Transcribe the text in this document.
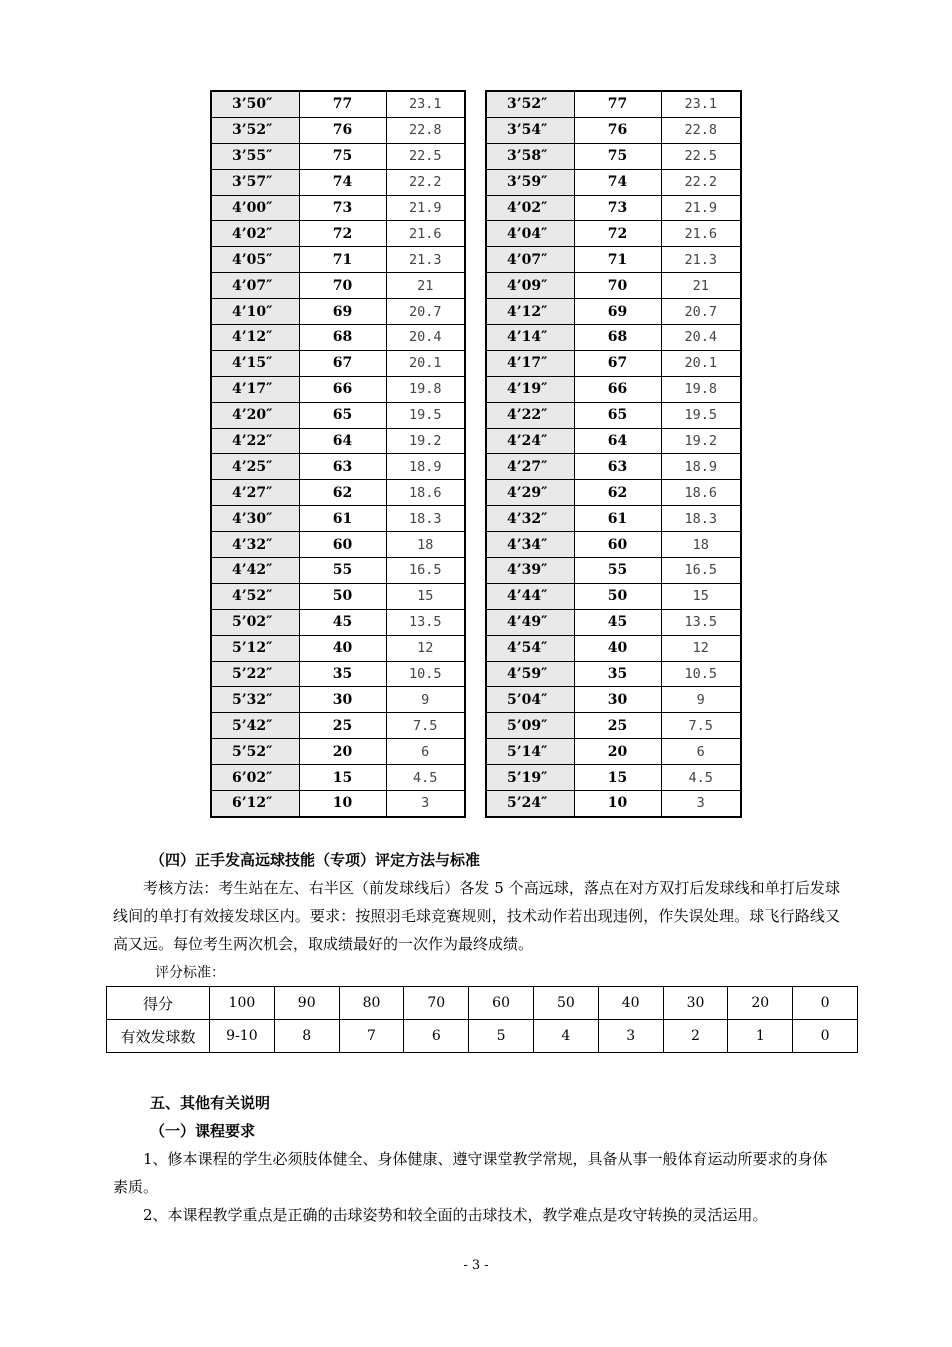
3’50″	77	23.1
3’52″	76	22.8
3’55″	75	22.5
3’57″	74	22.2
4’00″	73	21.9
4’02″	72	21.6
4’05″	71	21.3
4’07″	70	21
4’10″	69	20.7
4’12″	68	20.4
4’15″	67	20.1
4’17″	66	19.8
4’20″	65	19.5
4’22″	64	19.2
4’25″	63	18.9
4’27″	62	18.6
4’30″	61	18.3
4’32″	60	18
4’42″	55	16.5
4’52″	50	15
5’02″	45	13.5
5’12″	40	12
5’22″	35	10.5
5’32″	30	9
5’42″	25	7.5
5’52″	20	6
6’02″	15	4.5
6’12″	10	3
3’52″	77	23.1
3’54″	76	22.8
3’58″	75	22.5
3’59″	74	22.2
4’02″	73	21.9
4’04″	72	21.6
4’07″	71	21.3
4’09″	70	21
4’12″	69	20.7
4’14″	68	20.4
4’17″	67	20.1
4’19″	66	19.8
4’22″	65	19.5
4’24″	64	19.2
4’27″	63	18.9
4’29″	62	18.6
4’32″	61	18.3
4’34″	60	18
4’39″	55	16.5
4’44″	50	15
4’49″	45	13.5
4’54″	40	12
4’59″	35	10.5
5’04″	30	9
5’09″	25	7.5
5’14″	20	6
5’19″	15	4.5
5’24″	10	3
（四）正手发高远球技能（专项）评定方法与标准
考核方法：考生站在左、右半区（前发球线后）各发 5 个高远球，落点在对方双打后发球线和单打后发球线间的单打有效接发球区内。要求：按照羽毛球竞赛规则，技术动作若出现违例，作失误处理。球飞行路线又高又远。每位考生两次机会，取成绩最好的一次作为最终成绩。
评分标准：
得分	100	90	80	70	60	50	40	30	20	0
有效发球数	9-10	8	7	6	5	4	3	2	1	0
五、其他有关说明
（一）课程要求
1、修本课程的学生必须肢体健全、身体健康、遵守课堂教学常规，具备从事一般体育运动所要求的身体素质。
2、本课程教学重点是正确的击球姿势和较全面的击球技术，教学难点是攻守转换的灵活运用。
- 3 -
